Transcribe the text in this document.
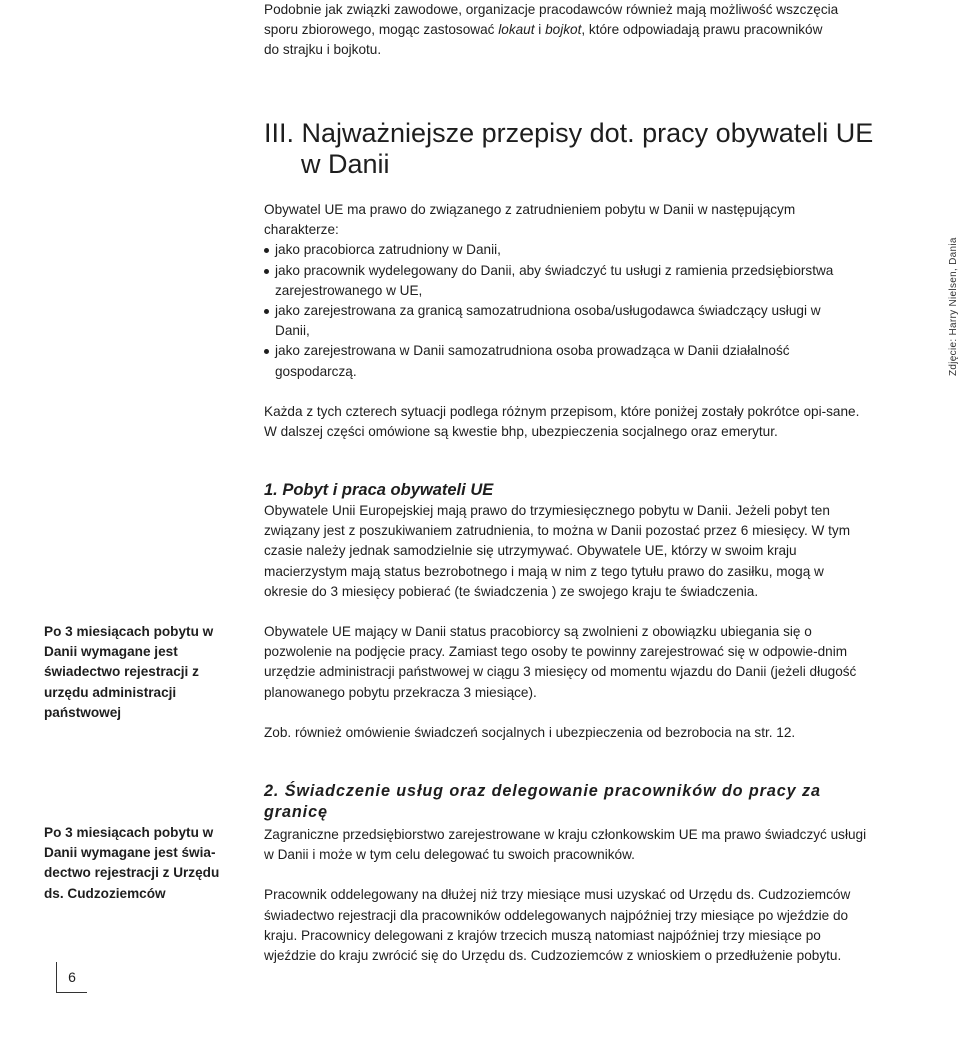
Podobnie jak związki zawodowe, organizacje pracodawców również mają możliwość wszczęcia
sporu zbiorowego, mogąc zastosować lokaut i bojkot, które odpowiadają prawu pracowników
do strajku i bojkotu.
III. Najważniejsze przepisy dot. pracy obywateli UE
w Danii

Obywatel UE ma prawo do związanego z zatrudnieniem pobytu w Danii w następującym charakterze:

jako pracobiorca zatrudniony w Danii,
jako pracownik wydelegowany do Danii, aby świadczyć tu usługi z ramienia przedsiębiorstwa zarejestrowanego w UE,
jako zarejestrowana za granicą samozatrudniona osoba/usługodawca świadczący usługi w Danii,
jako zarejestrowana w Danii samozatrudniona osoba prowadząca w Danii działalność gospodarczą.	Zdjęcie: Harry Nielsen, Dania

Każda z tych czterech sytuacji podlega różnym przepisom, które poniżej zostały pokrótce opi-sane. W dalszej części omówione są kwestie bhp, ubezpieczenia socjalnego oraz emerytur.

1. Pobyt i praca obywateli UE

Obywatele Unii Europejskiej mają prawo do trzymiesięcznego pobytu w Danii. Jeżeli pobyt ten związany jest z poszukiwaniem zatrudnienia, to można w Danii pozostać przez 6 miesięcy. W tym czasie należy jednak samodzielnie się utrzymywać. Obywatele UE, którzy w swoim kraju macierzystym mają status bezrobotnego i mają w nim z tego tytułu prawo do zasiłku, mogą w okresie do 3 miesięcy pobierać (te świadczenia ) ze swojego kraju te świadczenia.

Obywatele UE mający w Danii status pracobiorcy są zwolnieni z obowiązku ubiegania się o pozwolenie na podjęcie pracy. Zamiast tego osoby te powinny zarejestrować się w odpowie-dnim urzędzie administracji państwowej w ciągu 3 miesięcy od momentu wjazdu do Danii (jeżeli długość planowanego pobytu przekracza 3 miesiące).

Zob. również omówienie świadczeń socjalnych i ubezpieczenia od bezrobocia na str. 12.

Po 3 miesiącach pobytu w Danii wymagane jest świadectwo rejestracji z urzędu administracji państwowej

2. Świadczenie usług oraz delegowanie pracowników do pracy za granicę

Zagraniczne przedsiębiorstwo zarejestrowane w kraju członkowskim UE ma prawo świadczyć usługi w Danii i może w tym celu delegować tu swoich pracowników.

Pracownik oddelegowany na dłużej niż trzy miesiące musi uzyskać od Urzędu ds. Cudzoziemców świadectwo rejestracji dla pracowników oddelegowanych najpóźniej trzy miesiące po wjeździe do kraju. Pracownicy delegowani z krajów trzecich muszą natomiast najpóźniej trzy miesiące po wjeździe do kraju zwrócić się do Urzędu ds. Cudzoziemców z wnioskiem o przedłużenie pobytu.

Po 3 miesiącach pobytu w Danii wymagane jest świa-dectwo rejestracji z Urzędu ds. Cudzoziemców

6
